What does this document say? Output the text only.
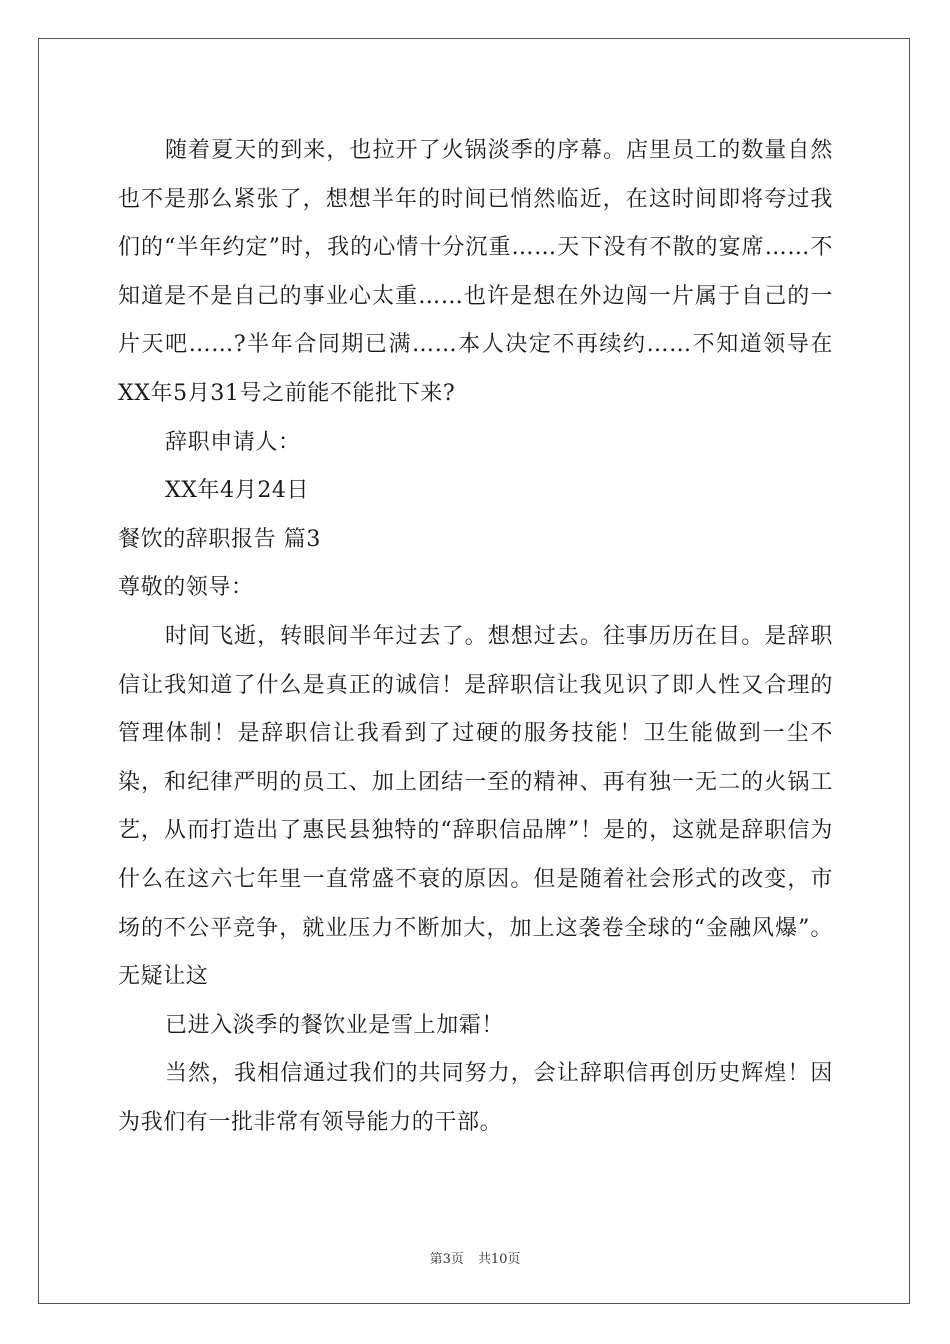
随着夏天的到来，也拉开了火锅淡季的序幕。店里员工的数量自然也不是那么紧张了，想想半年的时间已悄然临近，在这时间即将夸过我们的“半年约定”时，我的心情十分沉重……天下没有不散的宴席……不知道是不是自己的事业心太重……也许是想在外边闯一片属于自己的一片天吧……?半年合同期已满……本人决定不再续约……不知道领导在XX年5月31号之前能不能批下来?

辞职申请人：

XX年4月24日

餐饮的辞职报告 篇3

尊敬的领导：

时间飞逝，转眼间半年过去了。想想过去。往事历历在目。是辞职信让我知道了什么是真正的诚信！是辞职信让我见识了即人性又合理的管理体制！是辞职信让我看到了过硬的服务技能！卫生能做到一尘不染，和纪律严明的员工、加上团结一至的精神、再有独一无二的火锅工艺，从而打造出了惠民县独特的“辞职信品牌”！是的，这就是辞职信为什么在这六七年里一直常盛不衰的原因。但是随着社会形式的改变，市场的不公平竞争，就业压力不断加大，加上这袭卷全球的“金融风爆”。无疑让这

已进入淡季的餐饮业是雪上加霜！

当然，我相信通过我们的共同努力，会让辞职信再创历史辉煌！因为我们有一批非常有领导能力的干部。

第3页 共10页
